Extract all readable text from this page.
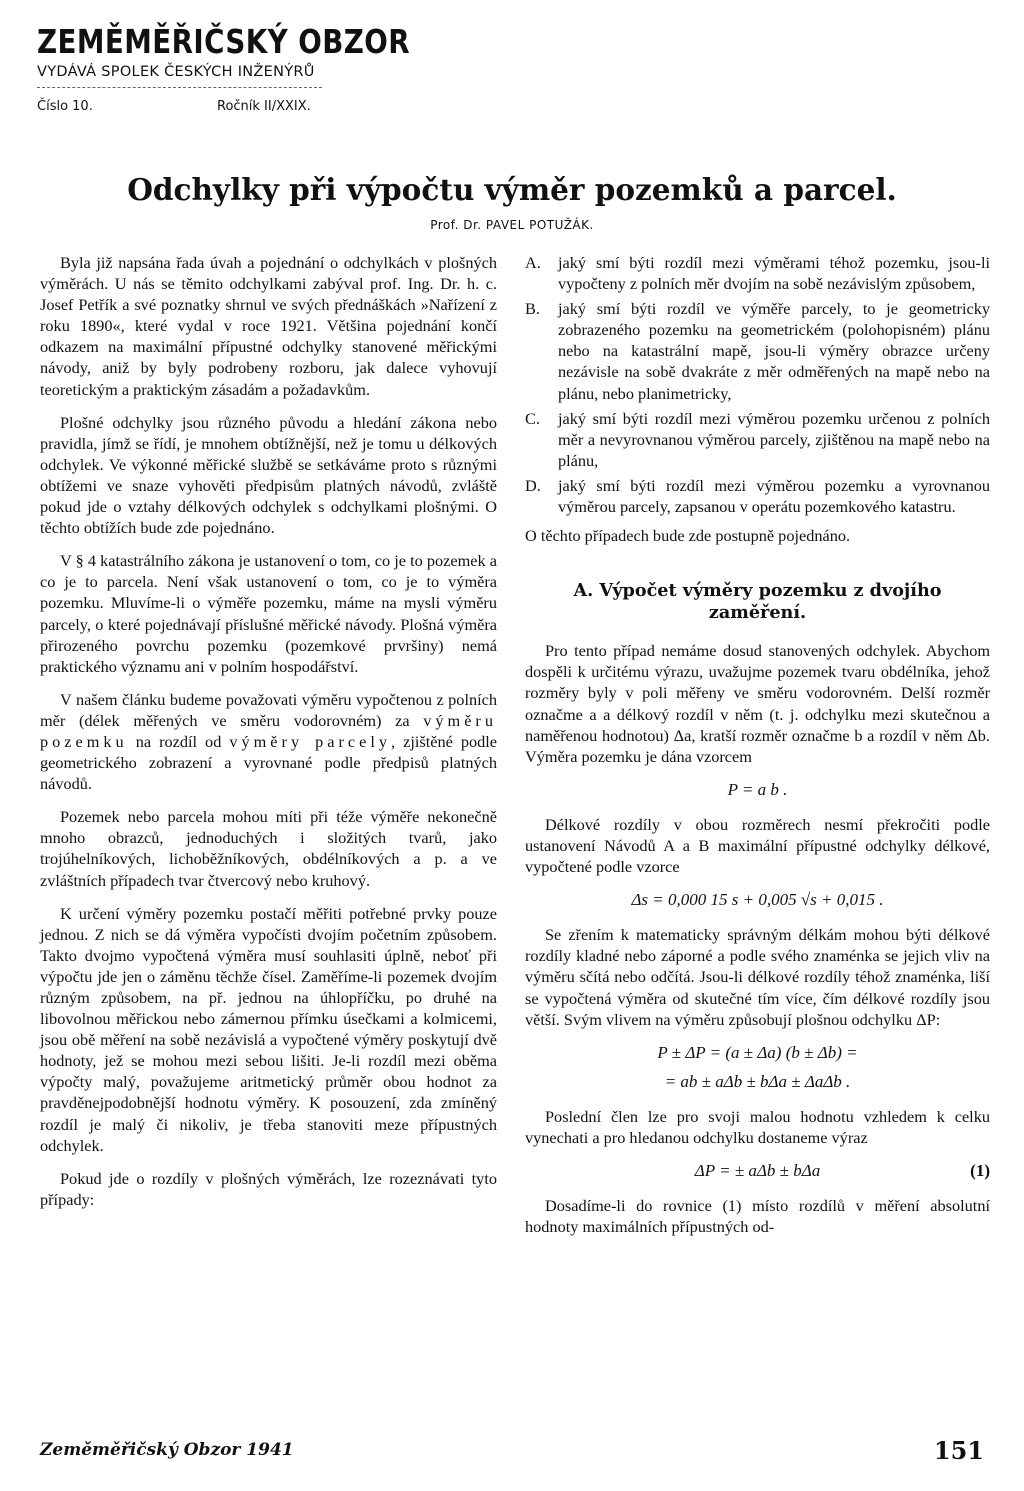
ZEMĚMĚŘIČSKÝ OBZOR
VYDÁVÁ SPOLEK ČESKÝCH INŽENÝRŮ
Číslo 10.	Ročník II/XXIX.
Odchylky při výpočtu výměr pozemků a parcel.
Prof. Dr. PAVEL POTUŽÁK.

Byla již napsána řada úvah a pojednání o odchylkách v plošných výměrách. U nás se těmito odchylkami zabýval prof. Ing. Dr. h. c. Josef Petřík a své poznatky shrnul ve svých přednáškách »Nařízení z roku 1890«, které vydal v roce 1921. Většina pojednání končí odkazem na maximální přípustné odchylky stanovené měřickými návody, aniž by byly podrobeny rozboru, jak dalece vyhovují teoretickým a praktickým zásadám a požadavkům.

Plošné odchylky jsou různého původu a hledání zákona nebo pravidla, jímž se řídí, je mnohem obtížnější, než je tomu u délkových odchylek. Ve výkonné měřické službě se setkáváme proto s různými obtížemi ve snaze vyhověti předpisům platných návodů, zvláště pokud jde o vztahy délkových odchylek s odchylkami plošnými. O těchto obtížích bude zde pojednáno.

V § 4 katastrálního zákona je ustanovení o tom, co je to pozemek a co je to parcela. Není však ustanovení o tom, co je to výměra pozemku. Mluvíme-li o výměře pozemku, máme na mysli výměru parcely, o které pojednávají příslušné měřické návody. Plošná výměra přirozeného povrchu pozemku (pozemkové prvršiny) nemá praktického významu ani v polním hospodářství.

V našem článku budeme považovati výměru vypočtenou z polních měr (délek měřených ve směru vodorovném) za výměru pozemku na rozdíl od výměry parcely, zjištěné podle geometrického zobrazení a vyrovnané podle předpisů platných návodů.

Pozemek nebo parcela mohou míti při téže výměře nekonečně mnoho obrazců, jednoduchých i složitých tvarů, jako trojúhelníkových, lichoběžníkových, obdélníkových a p. a ve zvláštních případech tvar čtvercový nebo kruhový.

K určení výměry pozemku postačí měřiti potřebné prvky pouze jednou. Z nich se dá výměra vypočísti dvojím početním způsobem. Takto dvojmo vypočtená výměra musí souhlasiti úplně, neboť při výpočtu jde jen o záměnu těchže čísel. Zaměříme-li pozemek dvojím různým způsobem, na př. jednou na úhlopříčku, po druhé na libovolnou měřickou nebo zámernou přímku úsečkami a kolmicemi, jsou obě měření na sobě nezávislá a vypočtené výměry poskytují dvě hodnoty, jež se mohou mezi sebou lišiti. Je-li rozdíl mezi oběma výpočty malý, považujeme aritmetický průměr obou hodnot za pravděnejpodobnější hodnotu výměry. K posouzení, zda zmíněný rozdíl je malý či nikoliv, je třeba stanoviti meze přípustných odchylek.

Pokud jde o rozdíly v plošných výměrách, lze rozeznávati tyto případy:

A. jaký smí býti rozdíl mezi výměrami téhož pozemku, jsou-li vypočteny z polních měr dvojím na sobě nezávislým způsobem,
B. jaký smí býti rozdíl ve výměře parcely, to je geometricky zobrazeného pozemku na geometrickém (polohopisném) plánu nebo na katastrální mapě, jsou-li výměry obrazce určeny nezávisle na sobě dvakráte z měr odměřených na mapě nebo na plánu, nebo planimetricky,
C. jaký smí býti rozdíl mezi výměrou pozemku určenou z polních měr a nevyrovnanou výměrou parcely, zjištěnou na mapě nebo na plánu,
D. jaký smí býti rozdíl mezi výměrou pozemku a vyrovnanou výměrou parcely, zapsanou v operátu pozemkového katastru.

O těchto případech bude zde postupně pojednáno.

A. Výpočet výměry pozemku z dvojího zaměření.

Pro tento případ nemáme dosud stanovených odchylek. Abychom dospěli k určitému výrazu, uvažujme pozemek tvaru obdélníka, jehož rozměry byly v poli měřeny ve směru vodorovném. Delší rozměr označme a a délkový rozdíl v něm (t. j. odchylku mezi skutečnou a naměřenou hodnotou) Δa, kratší rozměr označme b a rozdíl v něm Δb. Výměra pozemku je dána vzorcem

P = a b .

Délkové rozdíly v obou rozměrech nesmí překročiti podle ustanovení Návodů A a B maximální přípustné odchylky délkové, vypočtené podle vzorce

Δs = 0,000 15 s + 0,005 √s + 0,015 .

Se zřením k matematicky správným délkám mohou býti délkové rozdíly kladné nebo záporné a podle svého znaménka se jejich vliv na výměru sčítá nebo odčítá. Jsou-li délkové rozdíly téhož znaménka, liší se vypočtená výměra od skutečné tím více, čím délkové rozdíly jsou větší. Svým vlivem na výměru způsobují plošnou odchylku ΔP:

P ± ΔP = (a ± Δa) (b ± Δb) =
= ab ± aΔb ± bΔa ± ΔaΔb .

Poslední člen lze pro svoji malou hodnotu vzhledem k celku vynechati a pro hledanou odchylku dostaneme výraz

ΔP = ± aΔb ± bΔa	(1)

Dosadíme-li do rovnice (1) místo rozdílů v měření absolutní hodnoty maximálních přípustných od-

Zeměměřičský Obzor 1941	151
